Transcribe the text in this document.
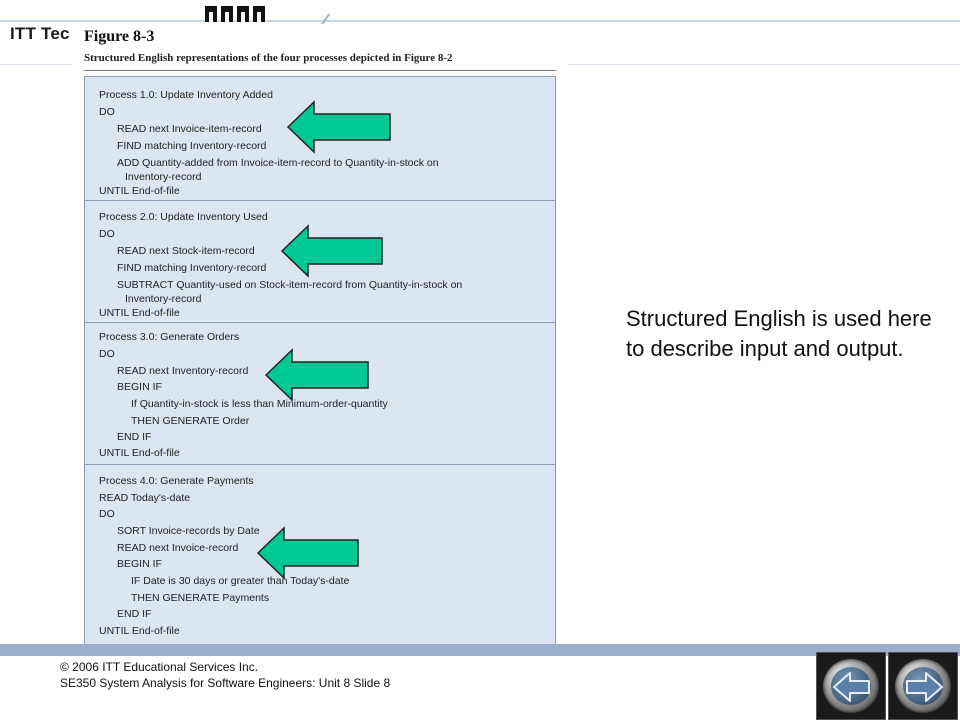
ITT Tec Figure 8-3
Structured English representations of the four processes depicted in Figure 8-2
Process 1.0: Update Inventory Added
DO
READ next Invoice-item-record
FIND matching Inventory-record
ADD Quantity-added from Invoice-item-record to Quantity-in-stock on
Inventory-record
UNTIL End-of-file
Process 2.0: Update Inventory Used
DO
READ next Stock-item-record
FIND matching Inventory-record
SUBTRACT Quantity-used on Stock-item-record from Quantity-in-stock on
Inventory-record
UNTIL End-of-file
Process 3.0: Generate Orders
DO
READ next Inventory-record
BEGIN IF
If Quantity-in-stock is less than Minimum-order-quantity
THEN GENERATE Order
END IF
UNTIL End-of-file
Process 4.0: Generate Payments
READ Today's-date
DO
SORT Invoice-records by Date
READ next Invoice-record
BEGIN IF
IF Date is 30 days or greater than Today's-date
THEN GENERATE Payments
END IF
UNTIL End-of-file
Structured English is used here to describe input and output.
© 2006 ITT Educational Services Inc.
SE350 System Analysis for Software Engineers: Unit 8 Slide 8
